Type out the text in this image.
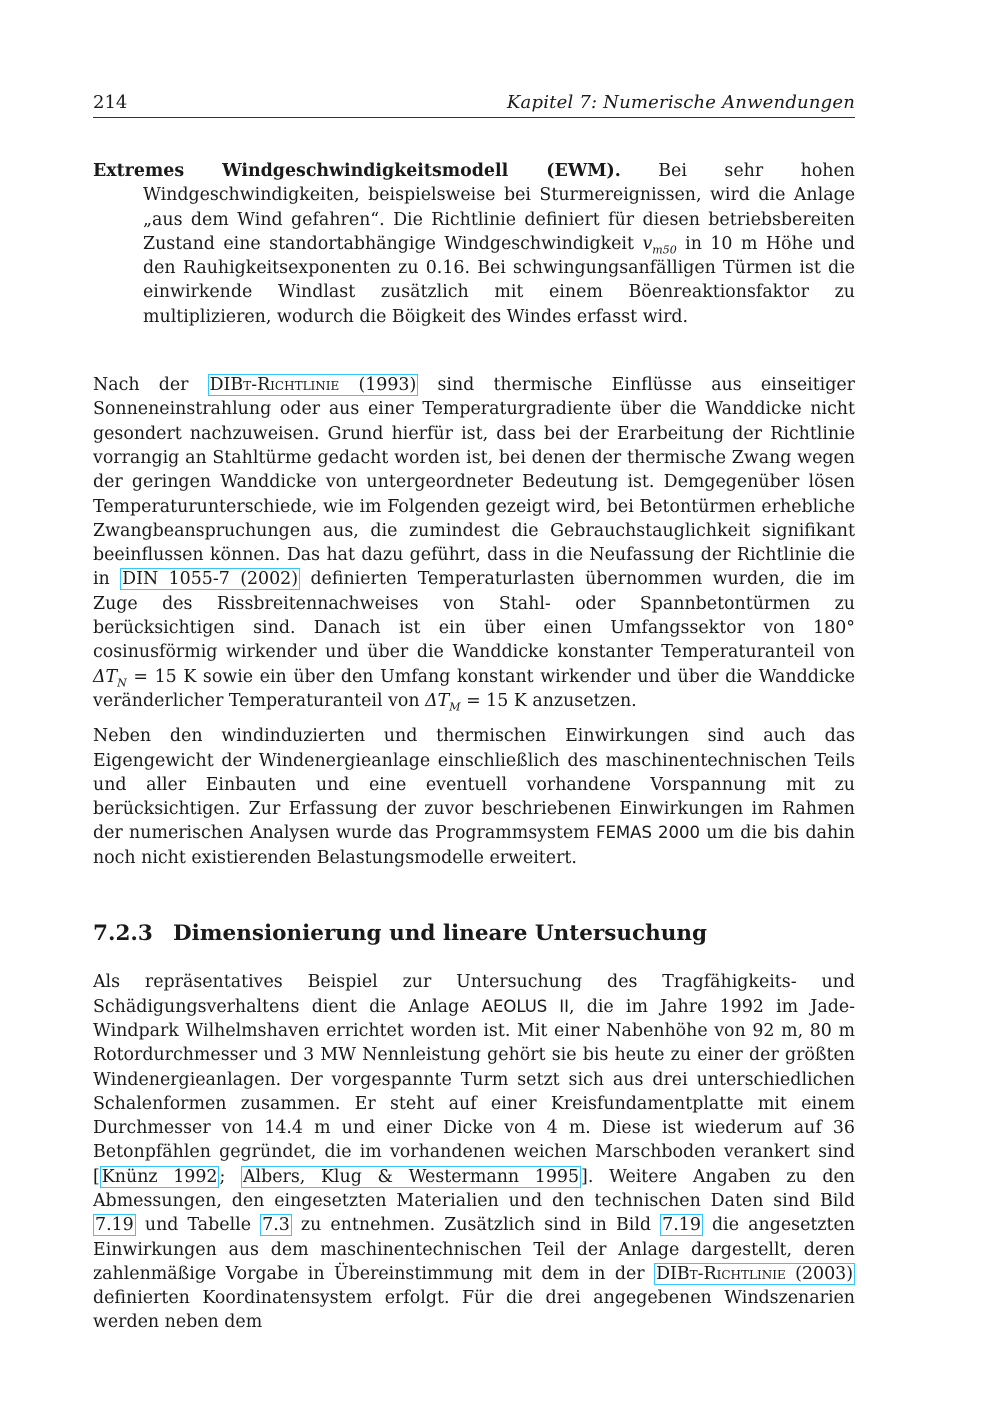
214	Kapitel 7: Numerische Anwendungen

Extremes Windgeschwindigkeitsmodell (EWM). Bei sehr hohen Windgeschwindigkeiten, beispielsweise bei Sturmereignissen, wird die Anlage „aus dem Wind gefahren“. Die Richtlinie definiert für diesen betriebsbereiten Zustand eine standortabhängige Windgeschwindigkeit $v_{m50}$ in 10 m Höhe und den Rauhigkeitsexponenten zu 0.16. Bei schwingungsanfälligen Türmen ist die einwirkende Windlast zusätzlich mit einem Böenreaktionsfaktor zu multiplizieren, wodurch die Böigkeit des Windes erfasst wird.

Nach der DIBt-Richtlinie (1993) sind thermische Einflüsse aus einseitiger Sonneneinstrahlung oder aus einer Temperaturgradiente über die Wanddicke nicht gesondert nachzuweisen. Grund hierfür ist, dass bei der Erarbeitung der Richtlinie vorrangig an Stahltürme gedacht worden ist, bei denen der thermische Zwang wegen der geringen Wanddicke von untergeordneter Bedeutung ist. Demgegenüber lösen Temperaturunterschiede, wie im Folgenden gezeigt wird, bei Betontürmen erhebliche Zwangbeanspruchungen aus, die zumindest die Gebrauchstauglichkeit signifikant beeinflussen können. Das hat dazu geführt, dass in die Neufassung der Richtlinie die in DIN 1055-7 (2002) definierten Temperaturlasten übernommen wurden, die im Zuge des Rissbreitennachweises von Stahl- oder Spannbetontürmen zu berücksichtigen sind. Danach ist ein über einen Umfangssektor von 180° cosinusförmig wirkender und über die Wanddicke konstanter Temperaturanteil von $\Delta T_N = 15$ K sowie ein über den Umfang konstant wirkender und über die Wanddicke veränderlicher Temperaturanteil von $\Delta T_M = 15$ K anzusetzen.

Neben den windinduzierten und thermischen Einwirkungen sind auch das Eigengewicht der Windenergieanlage einschließlich des maschinentechnischen Teils und aller Einbauten und eine eventuell vorhandene Vorspannung mit zu berücksichtigen. Zur Erfassung der zuvor beschriebenen Einwirkungen im Rahmen der numerischen Analysen wurde das Programmsystem FEMAS 2000 um die bis dahin noch nicht existierenden Belastungsmodelle erweitert.

7.2.3 Dimensionierung und lineare Untersuchung

Als repräsentatives Beispiel zur Untersuchung des Tragfähigkeits- und Schädigungsverhaltens dient die Anlage AEOLUS II, die im Jahre 1992 im Jade-Windpark Wilhelmshaven errichtet worden ist. Mit einer Nabenhöhe von 92 m, 80 m Rotordurchmesser und 3 MW Nennleistung gehört sie bis heute zu einer der größten Windenergieanlagen. Der vorgespannte Turm setzt sich aus drei unterschiedlichen Schalenformen zusammen. Er steht auf einer Kreisfundamentplatte mit einem Durchmesser von 14.4 m und einer Dicke von 4 m. Diese ist wiederum auf 36 Betonpfählen gegründet, die im vorhandenen weichen Marschboden verankert sind [ Knünz 1992 ; Albers, Klug & Westermann 1995 ]. Weitere Angaben zu den Abmessungen, den eingesetzten Materialien und den technischen Daten sind Bild 7.19 und Tabelle 7.3 zu entnehmen. Zusätzlich sind in Bild 7.19 die angesetzten Einwirkungen aus dem maschinentechnischen Teil der Anlage dargestellt, deren zahlenmäßige Vorgabe in Übereinstimmung mit dem in der DIBt-Richtlinie (2003) definierten Koordinatensystem erfolgt. Für die drei angegebenen Windszenarien werden neben dem
